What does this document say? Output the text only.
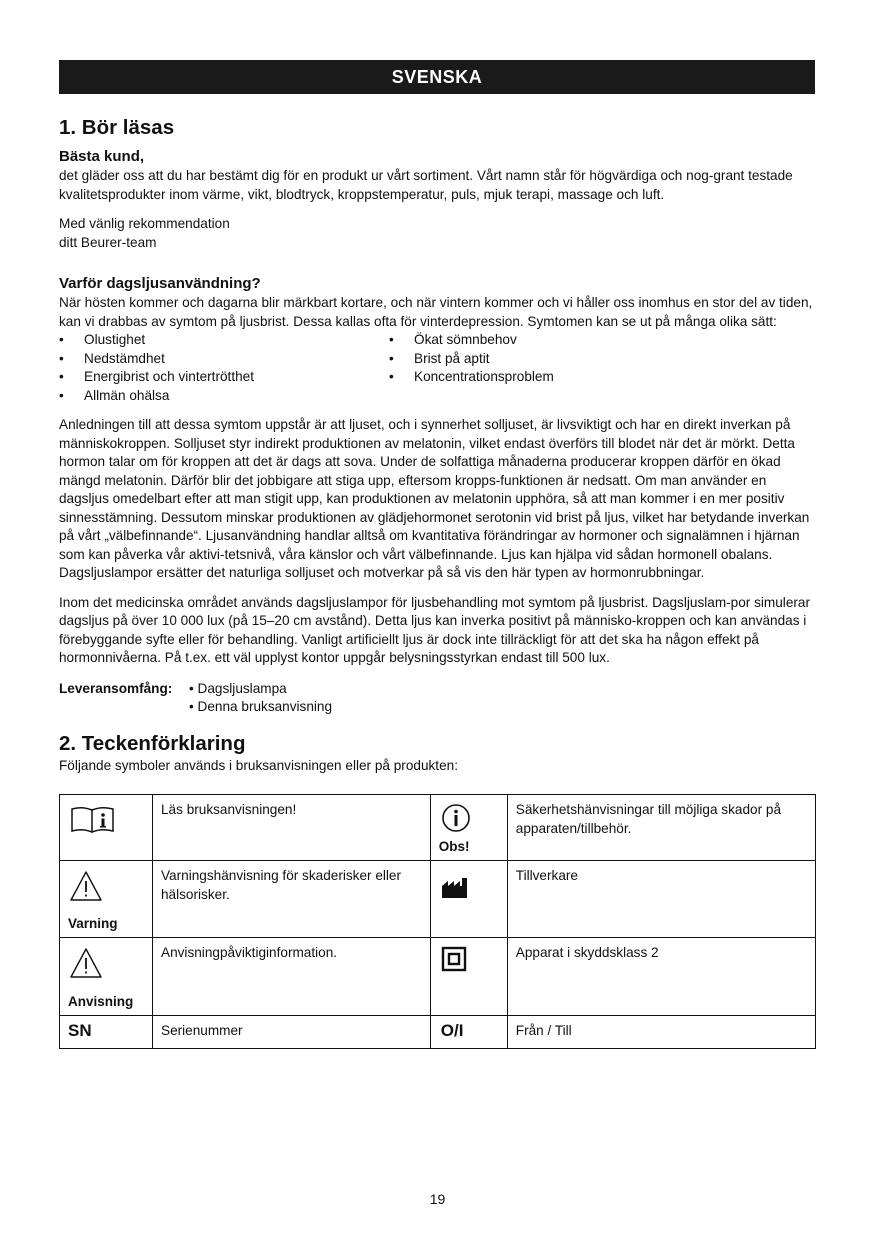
SVENSKA
1. Bör läsas
Bästa kund,

det gläder oss att du har bestämt dig för en produkt ur vårt sortiment. Vårt namn står för högvärdiga och nog-grant testade kvalitetsprodukter inom värme, vikt, blodtryck, kroppstemperatur, puls, mjuk terapi, massage och luft.

Med vänlig rekommendation

ditt Beurer-team

Varför dagsljusanvändning?

När hösten kommer och dagarna blir märkbart kortare, och när vintern kommer och vi håller oss inomhus en stor del av tiden,

kan vi drabbas av symtom på ljusbrist. Dessa kallas ofta för vinterdepression. Symtomen kan se ut på många olika sätt:

• Olustighet
• Nedstämdhet
• Energibrist och vintertrötthet
• Allmän ohälsa
• Ökat sömnbehov
• Brist på aptit
• Koncentrationsproblem

Anledningen till att dessa symtom uppstår är att ljuset, och i synnerhet solljuset, är livsviktigt och har en direkt inverkan på människokroppen. Solljuset styr indirekt produktionen av melatonin, vilket endast överförs till blodet när det är mörkt. Detta hormon talar om för kroppen att det är dags att sova. Under de solfattiga månaderna producerar kroppen därför en ökad mängd melatonin. Därför blir det jobbigare att stiga upp, eftersom kropps-funktionen är nedsatt. Om man använder en dagsljus omedelbart efter att man stigit upp, kan produktionen av melatonin upphöra, så att man kommer i en mer positiv sinnesstämning. Dessutom minskar produktionen av glädjehormonet serotonin vid brist på ljus, vilket har betydande inverkan på vårt „välbefinnande“. Ljusanvändning handlar alltså om kvantitativa förändringar av hormoner och signalämnen i hjärnan som kan påverka vår aktivi-tetsnivå, våra känslor och vårt välbefinnande. Ljus kan hjälpa vid sådan hormonell obalans.

Dagsljuslampor ersätter det naturliga solljuset och motverkar på så vis den här typen av hormonrubbningar.

Inom det medicinska området används dagsljuslampor för ljusbehandling mot symtom på ljusbrist. Dagsljuslam-por simulerar dagsljus på över 10 000 lux (på 15–20 cm avstånd). Detta ljus kan inverka positivt på människo-kroppen och kan användas i förebyggande syfte eller för behandling. Vanligt artificiellt ljus är dock inte tillräckligt för att det ska ha någon effekt på hormonnivåerna. På t.ex. ett väl upplyst kontor uppgår belysningsstyrkan endast till 500 lux.

Leveransomfång:	• Dagsljuslampa
• Denna bruksanvisning
2. Teckenförklaring

Följande symboler används i bruksanvisningen eller på produkten:

	Läs bruksanvisningen!	Obs!	Säkerhetshänvisningar till möjliga skador på apparaten/tillbehör.

Varning	Varningshänvisning för skaderisker eller hälsorisker.		Tillverkare

Anvisning	Anvisningpåviktiginformation.		Apparat i skyddsklass 2

SN	Serienummer	O/I	Från / Till
19
